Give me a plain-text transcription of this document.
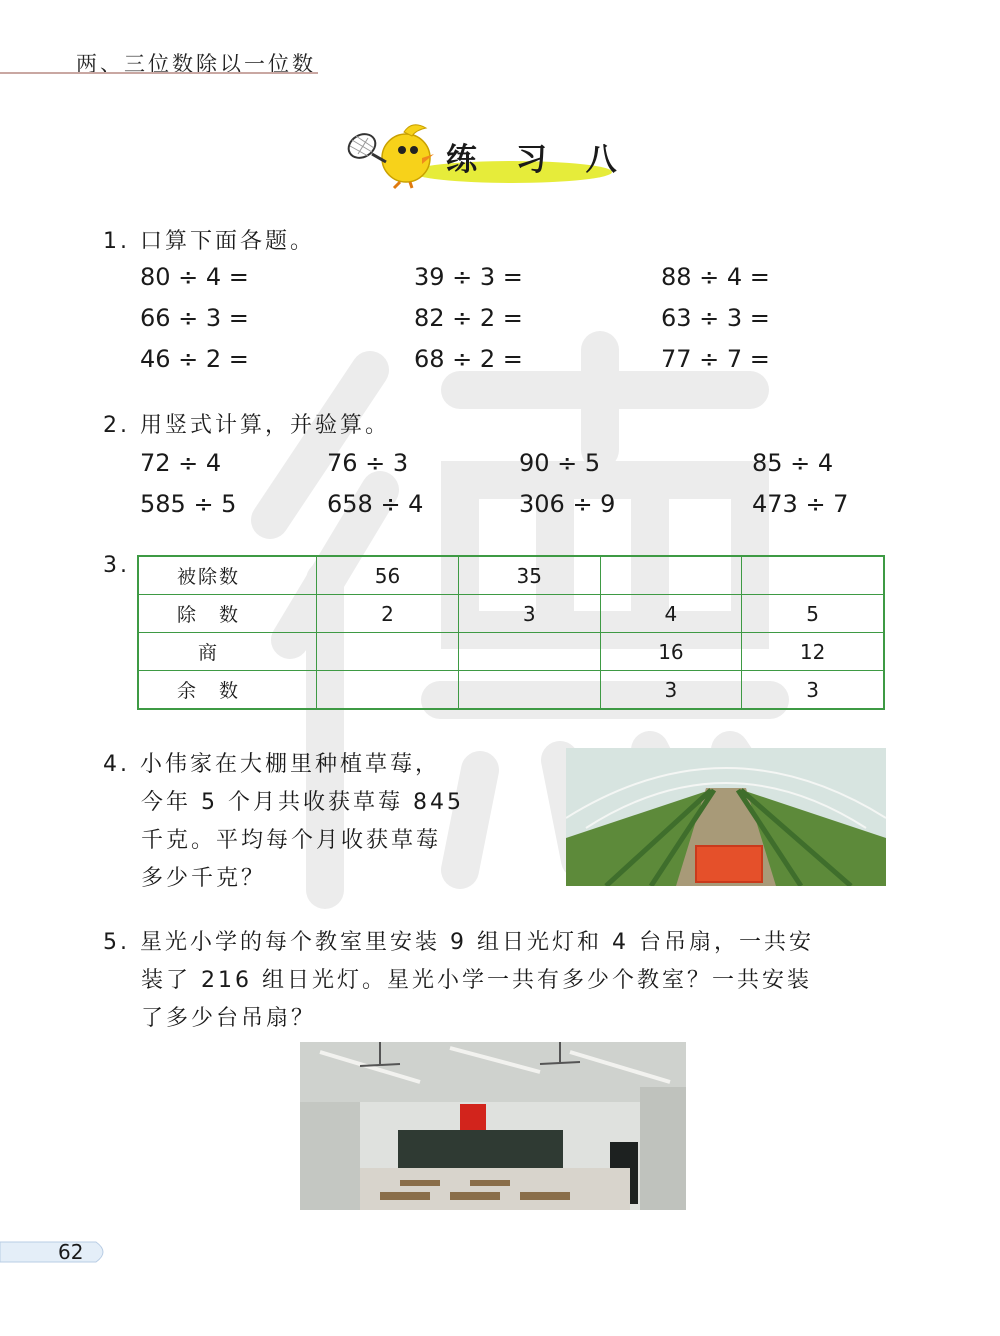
两、三位数除以一位数
练 习 八
1. 口算下面各题。
80 ÷ 4 =	39 ÷ 3 =	88 ÷ 4 =
66 ÷ 3 =	82 ÷ 2 =	63 ÷ 3 =
46 ÷ 2 =	68 ÷ 2 =	77 ÷ 7 =
2. 用竖式计算，并验算。
72 ÷ 4	76 ÷ 3	90 ÷ 5	85 ÷ 4
585 ÷ 5	658 ÷ 4	306 ÷ 9	473 ÷ 7
3. 被除数	56	35		
除　数	2	3	4	5
　商			16	12
余　数			3	3
4. 小伟家在大棚里种植草莓，
今年 5 个月共收获草莓 845
千克。平均每个月收获草莓
多少千克？
5. 星光小学的每个教室里安装 9 组日光灯和 4 台吊扇，一共安
装了 216 组日光灯。星光小学一共有多少个教室？一共安装
了多少台吊扇？
62
